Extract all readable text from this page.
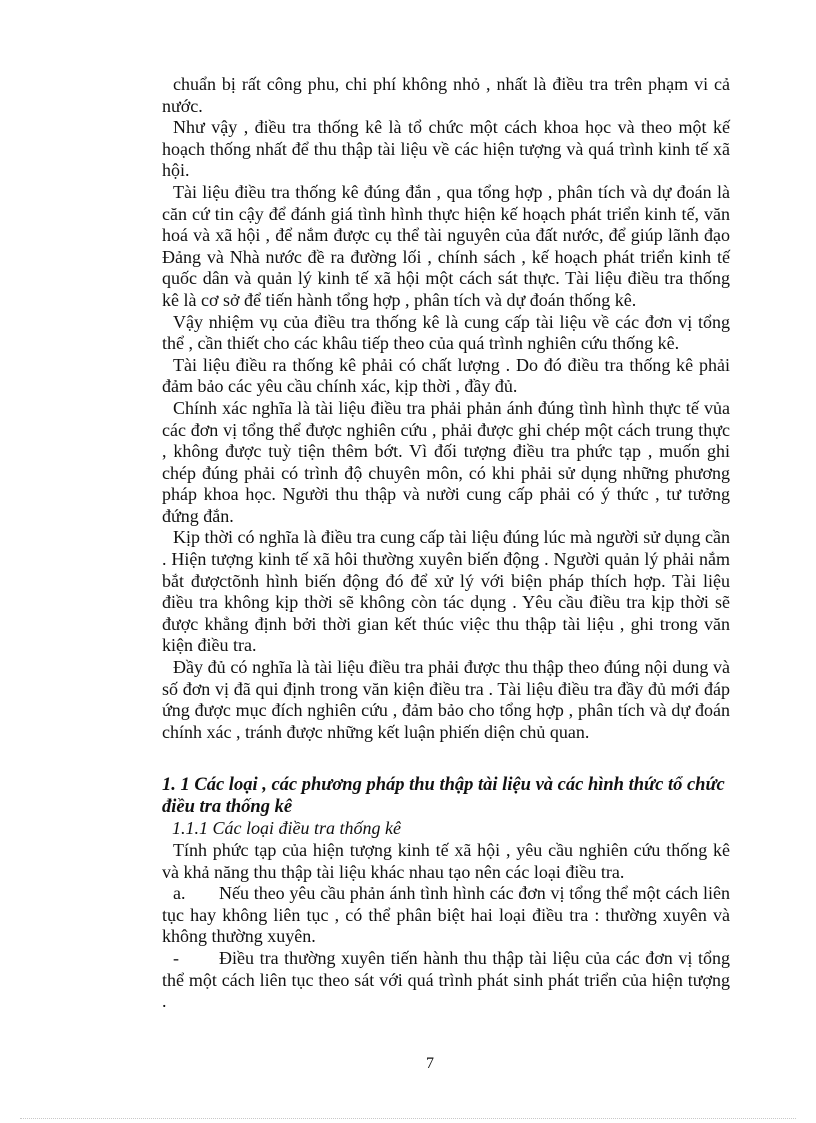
chuẩn bị rất công phu, chi phí không nhỏ , nhất là điều tra trên phạm vi cả nước.

Như vậy , điều tra thống kê là tổ chức một cách khoa học và theo một kế hoạch thống nhất để thu thập tài liệu về các hiện tượng và quá trình kinh tế xã hội.

Tài liệu điều tra thống kê đúng đắn , qua tổng hợp , phân tích và dự đoán là căn cứ tin cậy để đánh giá tình hình thực hiện kế hoạch phát triển kinh tế, văn hoá và xã hội , để nắm được cụ thể tài nguyên của đất nước, để giúp lãnh đạo Đảng và Nhà nước đề ra đường lối , chính sách , kế hoạch phát triển kinh tế quốc dân và quản lý kinh tế xã hội một cách sát thực. Tài liệu điều tra thống kê là cơ sở để tiến hành tổng hợp , phân tích và dự đoán thống kê.

Vậy nhiệm vụ của điều tra thống kê là cung cấp tài liệu về các đơn vị tổng thể , cần thiết cho các khâu tiếp theo của quá trình nghiên cứu thống kê.

Tài liệu điều ra thống kê phải có chất lượng . Do đó điều tra thống kê phải đảm bảo các yêu cầu chính xác, kịp thời , đầy đủ.

Chính xác nghĩa là tài liệu điều tra phải phản ánh đúng tình hình thực tế vủa các đơn vị tổng thể được nghiên cứu , phải được ghi chép một cách trung thực , không được tuỳ tiện thêm bớt. Vì đối tượng điều tra phức tạp , muốn ghi chép đúng phải có trình độ chuyên môn, có khi phải sử dụng những phương pháp khoa học. Người thu thập và nười cung cấp phải có ý thức , tư tưởng đứng đắn.

Kịp thời có nghĩa là điều tra cung cấp tài liệu đúng lúc mà người sử dụng cần . Hiện tượng kinh tế xã hôi thường xuyên biến động . Người quản lý phải nắm bắt đượctõnh hình biến động đó để xử lý với biện pháp thích hợp. Tài liệu điều tra không kịp thời sẽ không còn tác dụng . Yêu cầu điều tra kịp thời sẽ được khẳng định bởi thời gian kết thúc việc thu thập tài liệu , ghi trong văn kiện điều tra.

Đầy đủ có nghĩa là tài liệu điều tra phải được thu thập theo đúng nội dung và số đơn vị đã qui định trong văn kiện điều tra . Tài liệu điều tra đầy đủ mới đáp ứng được mục đích nghiên cứu , đảm bảo cho tổng hợp , phân tích và dự đoán chính xác , tránh được những kết luận phiến diện chủ quan.

1. 1 Các loại , các phương pháp thu thập tài liệu và các hình thức tổ chức điều tra thống kê

1.1.1 Các loại điều tra thống kê

Tính phức tạp của hiện tượng kinh tế xã hội , yêu cầu nghiên cứu thống kê và khả năng thu thập tài liệu khác nhau tạo nên các loại điều tra.

a. Nếu theo yêu cầu phản ánh tình hình các đơn vị tổng thể một cách liên tục hay không liên tục , có thể phân biệt hai loại điều tra : thường xuyên và không thường xuyên.

- Điều tra thường xuyên tiến hành thu thập tài liệu của các đơn vị tổng thể một cách liên tục theo sát với quá trình phát sinh phát triển của hiện tượng .

7
